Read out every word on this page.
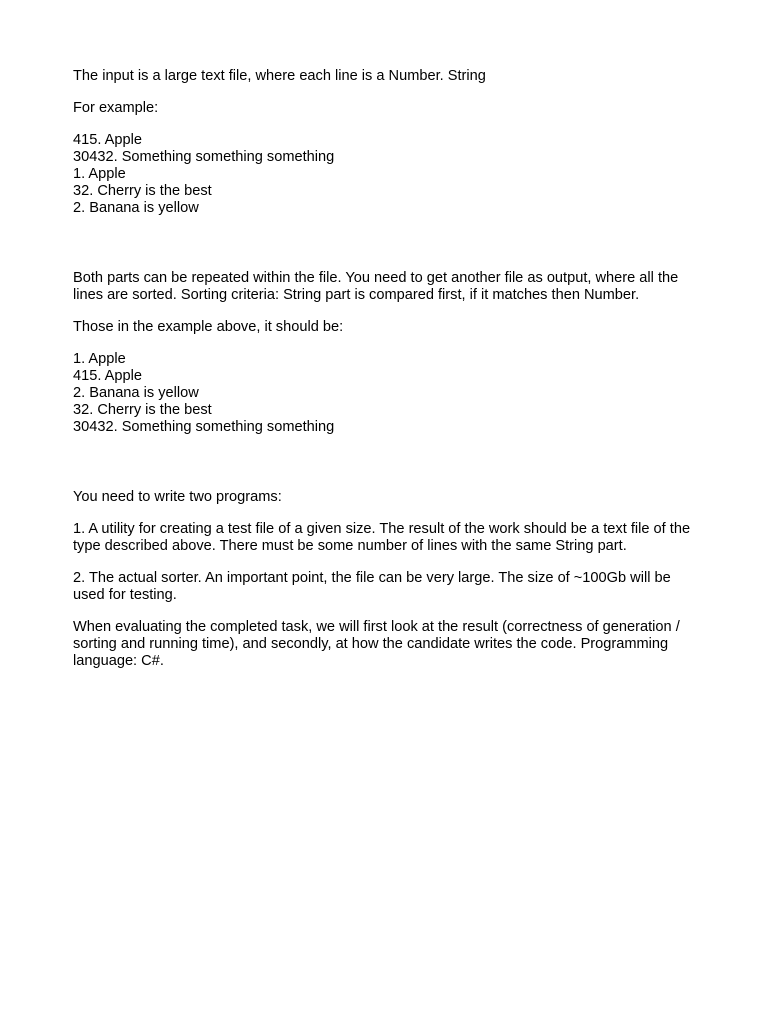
The input is a large text file, where each line is a Number. String

For example:

415. Apple
30432. Something something something
1. Apple
32. Cherry is the best
2. Banana is yellow

Both parts can be repeated within the file. You need to get another file as output, where all the lines are sorted. Sorting criteria: String part is compared first, if it matches then Number.

Those in the example above, it should be:

1. Apple
415. Apple
2. Banana is yellow
32. Cherry is the best
30432. Something something something

You need to write two programs:

1. A utility for creating a test file of a given size. The result of the work should be a text file of the type described above. There must be some number of lines with the same String part.

2. The actual sorter. An important point, the file can be very large. The size of ~100Gb will be used for testing.

When evaluating the completed task, we will first look at the result (correctness of generation / sorting and running time), and secondly, at how the candidate writes the code. Programming language: C#.
